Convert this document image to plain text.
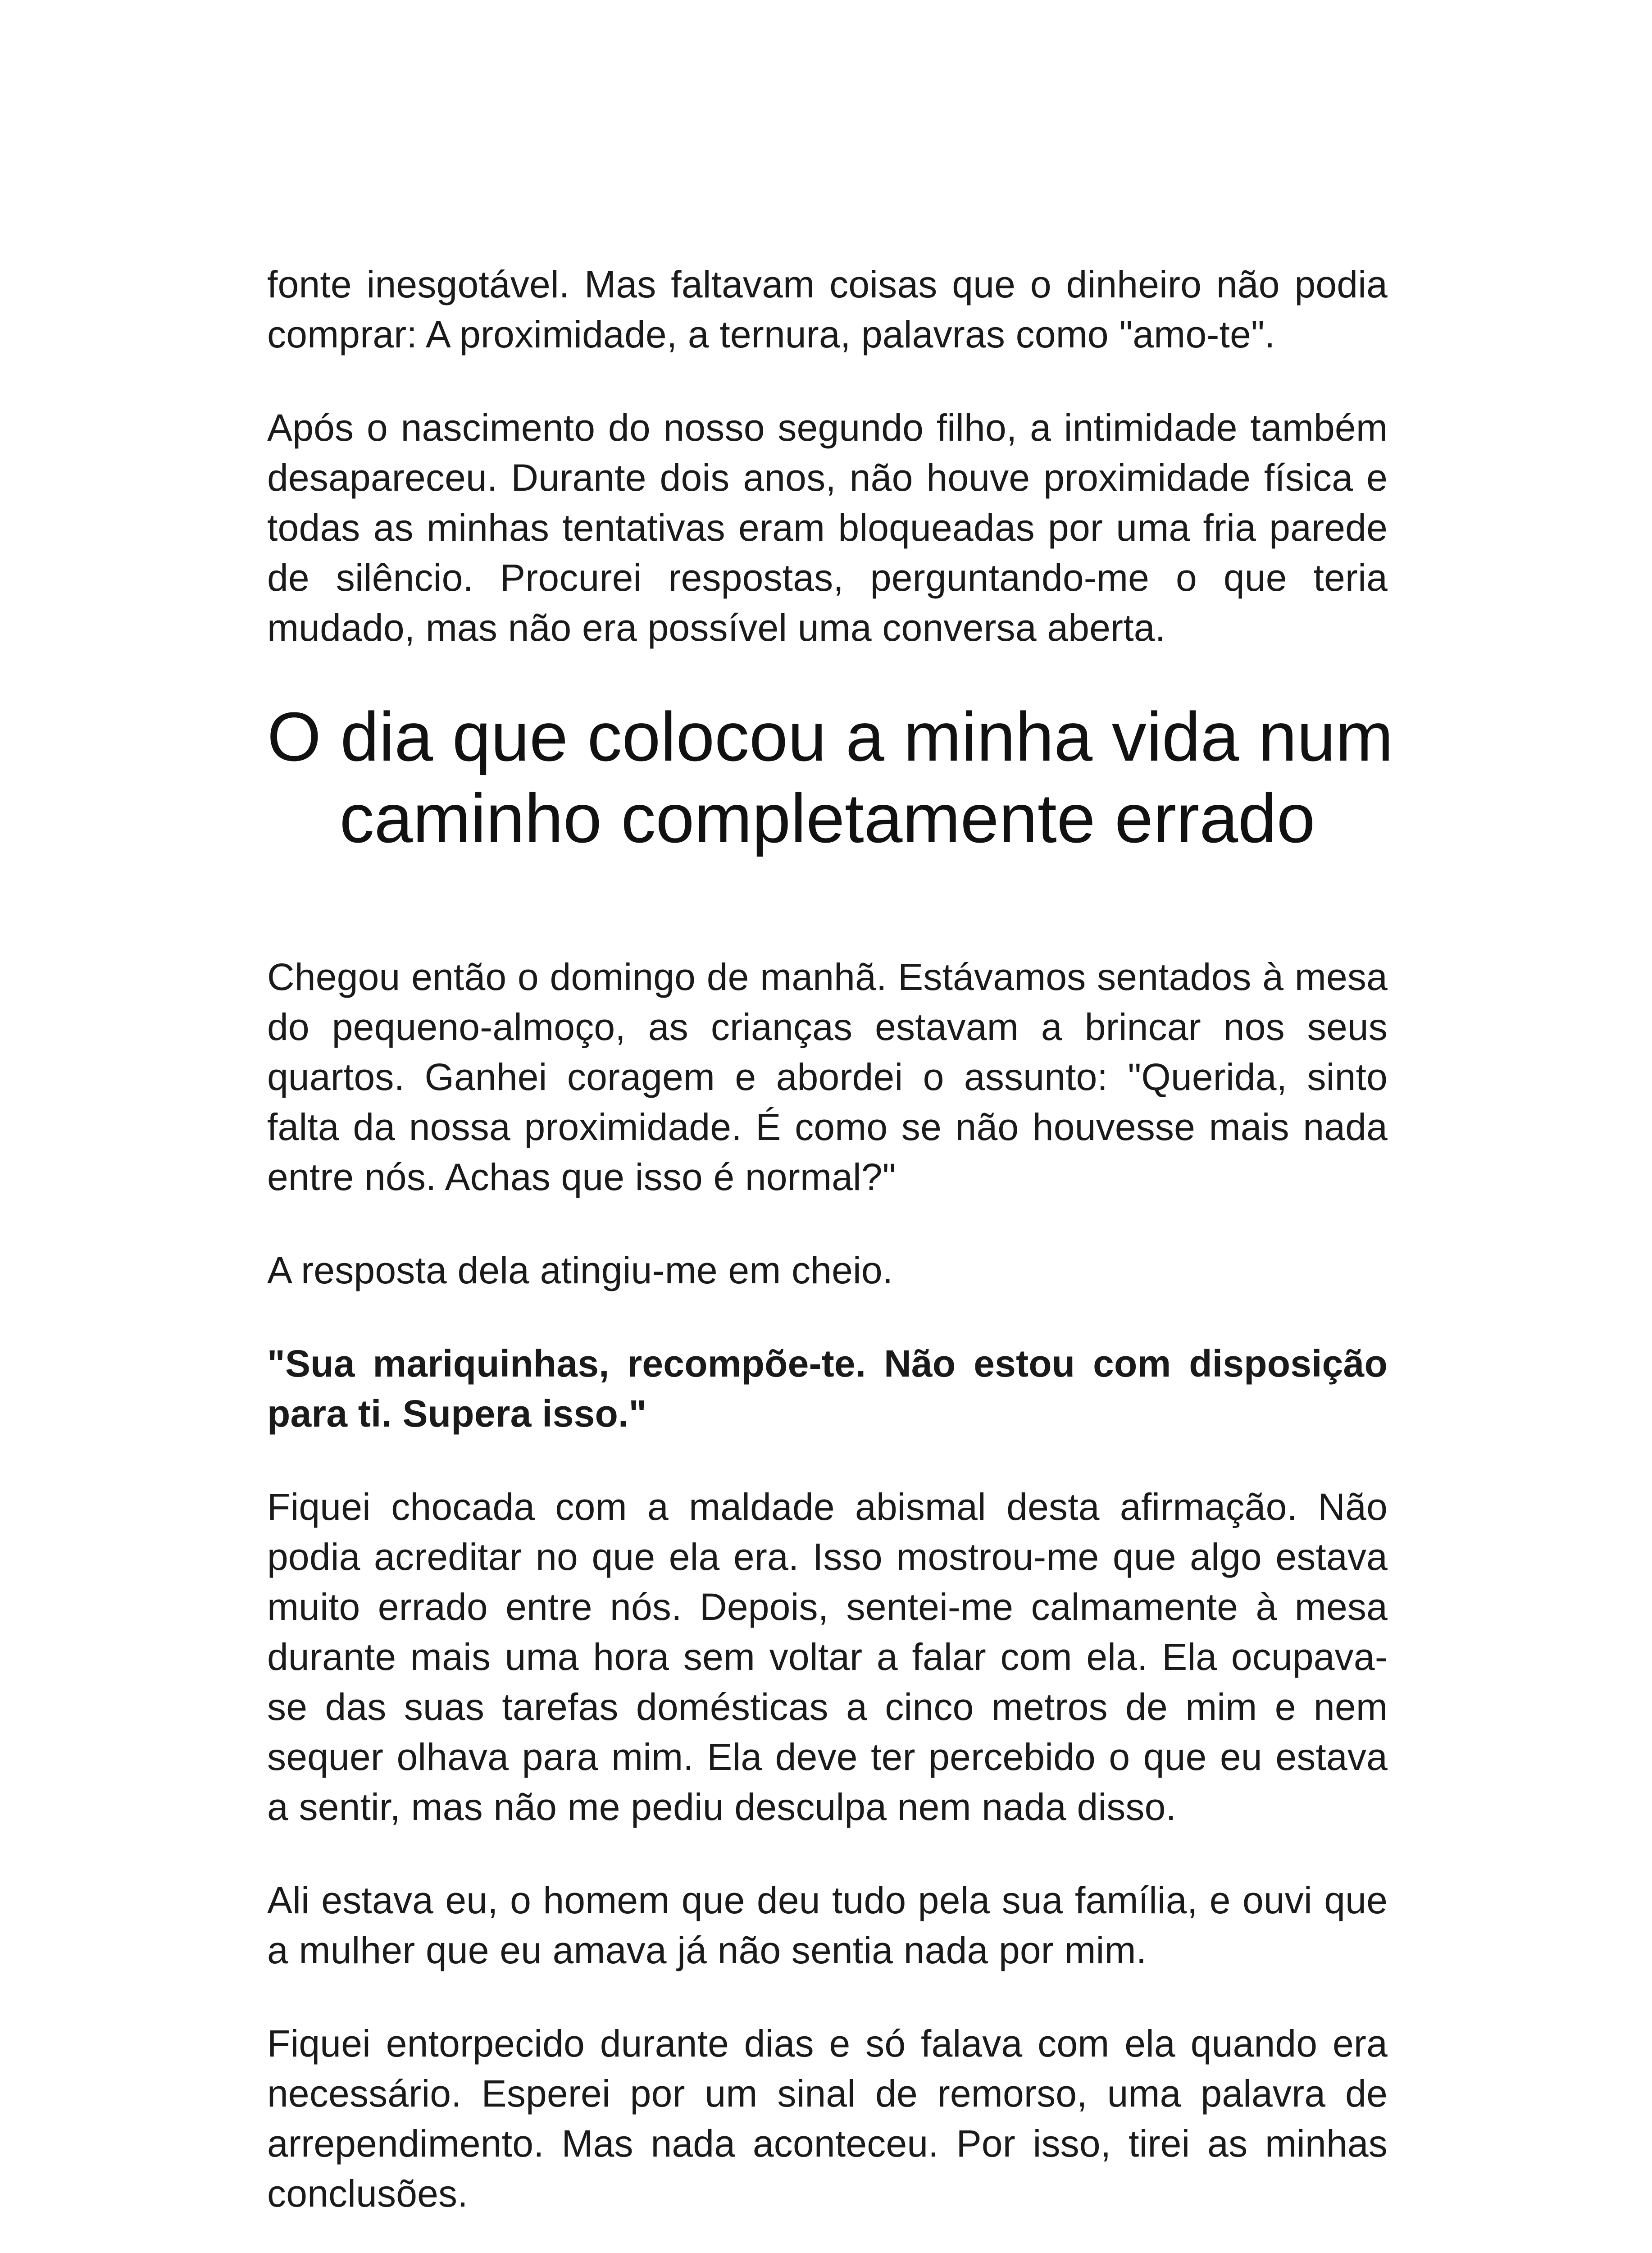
fonte inesgotável. Mas faltavam coisas que o dinheiro não podia comprar: A proximidade, a ternura, palavras como "amo-te".

Após o nascimento do nosso segundo filho, a intimidade também desapareceu. Durante dois anos, não houve proximidade física e todas as minhas tentativas eram bloqueadas por uma fria parede de silêncio. Procurei respostas, perguntando-me o que teria mudado, mas não era possível uma conversa aberta.

O dia que colocou a minha vida num
caminho completamente errado

Chegou então o domingo de manhã. Estávamos sentados à mesa do pequeno-almoço, as crianças estavam a brincar nos seus quartos. Ganhei coragem e abordei o assunto: "Querida, sinto falta da nossa proximidade. É como se não houvesse mais nada entre nós. Achas que isso é normal?"

A resposta dela atingiu-me em cheio.

"Sua mariquinhas, recompõe-te. Não estou com disposição para ti. Supera isso."

Fiquei chocada com a maldade abismal desta afirmação. Não podia acreditar no que ela era. Isso mostrou-me que algo estava muito errado entre nós. Depois, sentei-me calmamente à mesa durante mais uma hora sem voltar a falar com ela. Ela ocupava-se das suas tarefas domésticas a cinco metros de mim e nem sequer olhava para mim. Ela deve ter percebido o que eu estava a sentir, mas não me pediu desculpa nem nada disso.

Ali estava eu, o homem que deu tudo pela sua família, e ouvi que a mulher que eu amava já não sentia nada por mim.

Fiquei entorpecido durante dias e só falava com ela quando era necessário. Esperei por um sinal de remorso, uma palavra de arrependimento. Mas nada aconteceu. Por isso, tirei as minhas conclusões.
